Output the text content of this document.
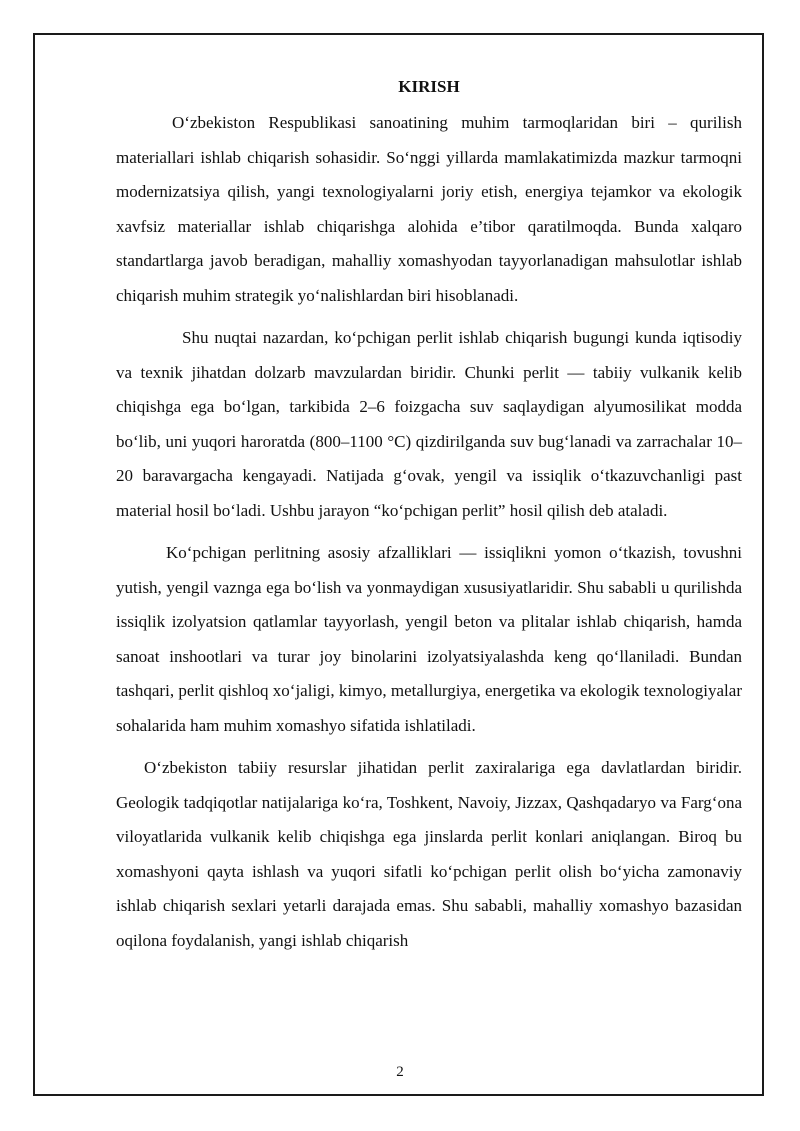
KIRISH

O‘zbekiston Respublikasi sanoatining muhim tarmoqlaridan biri – qurilish materiallari ishlab chiqarish sohasidir. So‘nggi yillarda mamlakatimizda mazkur tarmoqni modernizatsiya qilish, yangi texnologiyalarni joriy etish, energiya tejamkor va ekologik xavfsiz materiallar ishlab chiqarishga alohida e’tibor qaratilmoqda. Bunda xalqaro standartlarga javob beradigan, mahalliy xomashyodan tayyorlanadigan mahsulotlar ishlab chiqarish muhim strategik yo‘nalishlardan biri hisoblanadi.

Shu nuqtai nazardan, ko‘pchigan perlit ishlab chiqarish bugungi kunda iqtisodiy va texnik jihatdan dolzarb mavzulardan biridir. Chunki perlit — tabiiy vulkanik kelib chiqishga ega bo‘lgan, tarkibida 2–6 foizgacha suv saqlaydigan alyumosilikat modda bo‘lib, uni yuqori haroratda (800–1100 °C) qizdirilganda suv bug‘lanadi va zarrachalar 10–20 baravargacha kengayadi. Natijada g‘ovak, yengil va issiqlik o‘tkazuvchanligi past material hosil bo‘ladi. Ushbu jarayon “ko‘pchigan perlit” hosil qilish deb ataladi.

Ko‘pchigan perlitning asosiy afzalliklari — issiqlikni yomon o‘tkazish, tovushni yutish, yengil vaznga ega bo‘lish va yonmaydigan xususiyatlaridir. Shu sababli u qurilishda issiqlik izolyatsion qatlamlar tayyorlash, yengil beton va plitalar ishlab chiqarish, hamda sanoat inshootlari va turar joy binolarini izolyatsiyalashda keng qo‘llaniladi. Bundan tashqari, perlit qishloq xo‘jaligi, kimyo, metallurgiya, energetika va ekologik texnologiyalar sohalarida ham muhim xomashyo sifatida ishlatiladi.

O‘zbekiston tabiiy resurslar jihatidan perlit zaxiralariga ega davlatlardan biridir. Geologik tadqiqotlar natijalariga ko‘ra, Toshkent, Navoiy, Jizzax, Qashqadaryo va Farg‘ona viloyatlarida vulkanik kelib chiqishga ega jinslarda perlit konlari aniqlangan. Biroq bu xomashyoni qayta ishlash va yuqori sifatli ko‘pchigan perlit olish bo‘yicha zamonaviy ishlab chiqarish sexlari yetarli darajada emas. Shu sababli, mahalliy xomashyo bazasidan oqilona foydalanish, yangi ishlab chiqarish

2
